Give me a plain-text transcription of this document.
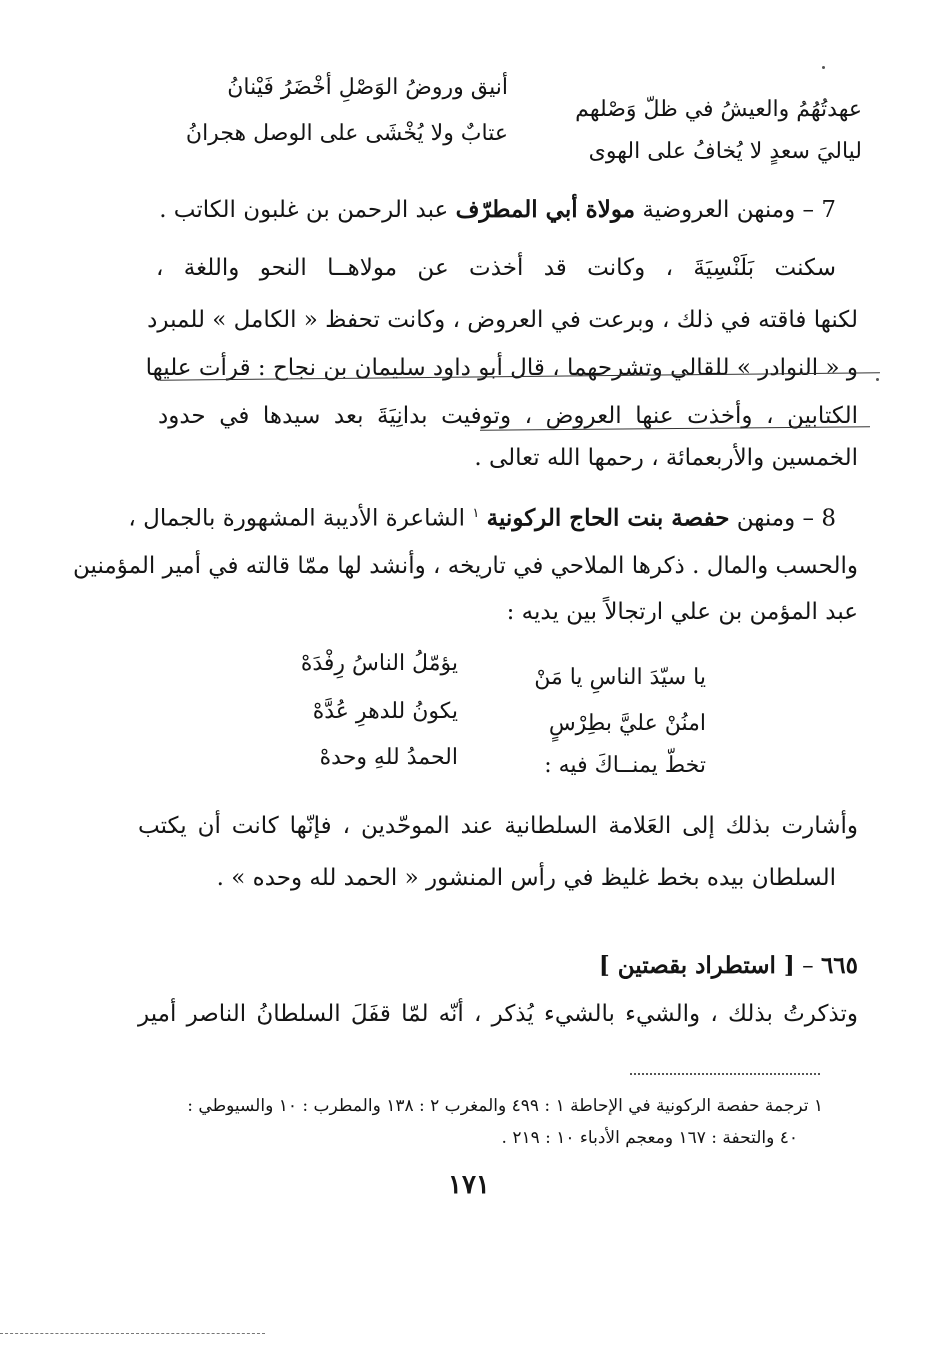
عهدتُهُمُ والعيشُ في ظلّ وَصْلهم
أنيق وروضُ الوَصْلِ أخْضَرُ فَيْنانُ
لياليَ سعدٍ لا يُخافُ على الهوى
عتابٌ ولا يُخْشَى على الوصل هجرانُ
7 – ومنهن العروضية مولاة أبي المطرّف عبد الرحمن بن غلبون الكاتب .
سكنت بَلَنْسِيَةَ ، وكانت قد أخذت عن مولاهــا النحو واللغة ،
لكنها فاقته في ذلك ، وبرعت في العروض ، وكانت تحفظ « الكامل » للمبرد
و « النوادر » للقالي وتشرحهما ، قال أبو داود سليمان بن نجاح : قرأت عليها
الكتابين ، وأخذت عنها العروض ، وتوفيت بدانِيَةَ بعد سيدها في حدود
الخمسين والأربعمائة ، رحمها الله تعالى .
8 – ومنهن حفصة بنت الحاج الركونية $^١$ الشاعرة الأديبة المشهورة بالجمال ،
والحسب والمال . ذكرها الملاحي في تاريخه ، وأنشد لها ممّا قالته في أمير المؤمنين
عبد المؤمن بن علي ارتجالاً بين يديه :
يا سيّدَ الناسِ يا مَنْ
يؤمّلُ الناسُ رِفْدَهْ
امنُنْ عليَّ بطِرْسٍ
يكونُ للدهرِ عُدَّهْ
تخطّ يمنــاكَ فيه :
الحمدُ للهِ وحدهْ
وأشارت بذلك إلى العَلامة السلطانية عند الموحّدين ، فإنّها كانت أن يكتب
السلطان بيده بخط غليظ في رأس المنشور « الحمد لله وحده » .
٦٦٥ – [ استطراد بقصتين ]
وتذكرتُ بذلك ، والشيء بالشيء يُذكر ، أنّه لمّا قفَلَ السلطانُ الناصر أمير
١ ترجمة حفصة الركونية في الإحاطة ١ : ٤٩٩ والمغرب ٢ : ١٣٨ والمطرب : ١٠ والسيوطي :
٤٠ والتحفة : ١٦٧ ومعجم الأدباء ١٠ : ٢١٩ .
١٧١
